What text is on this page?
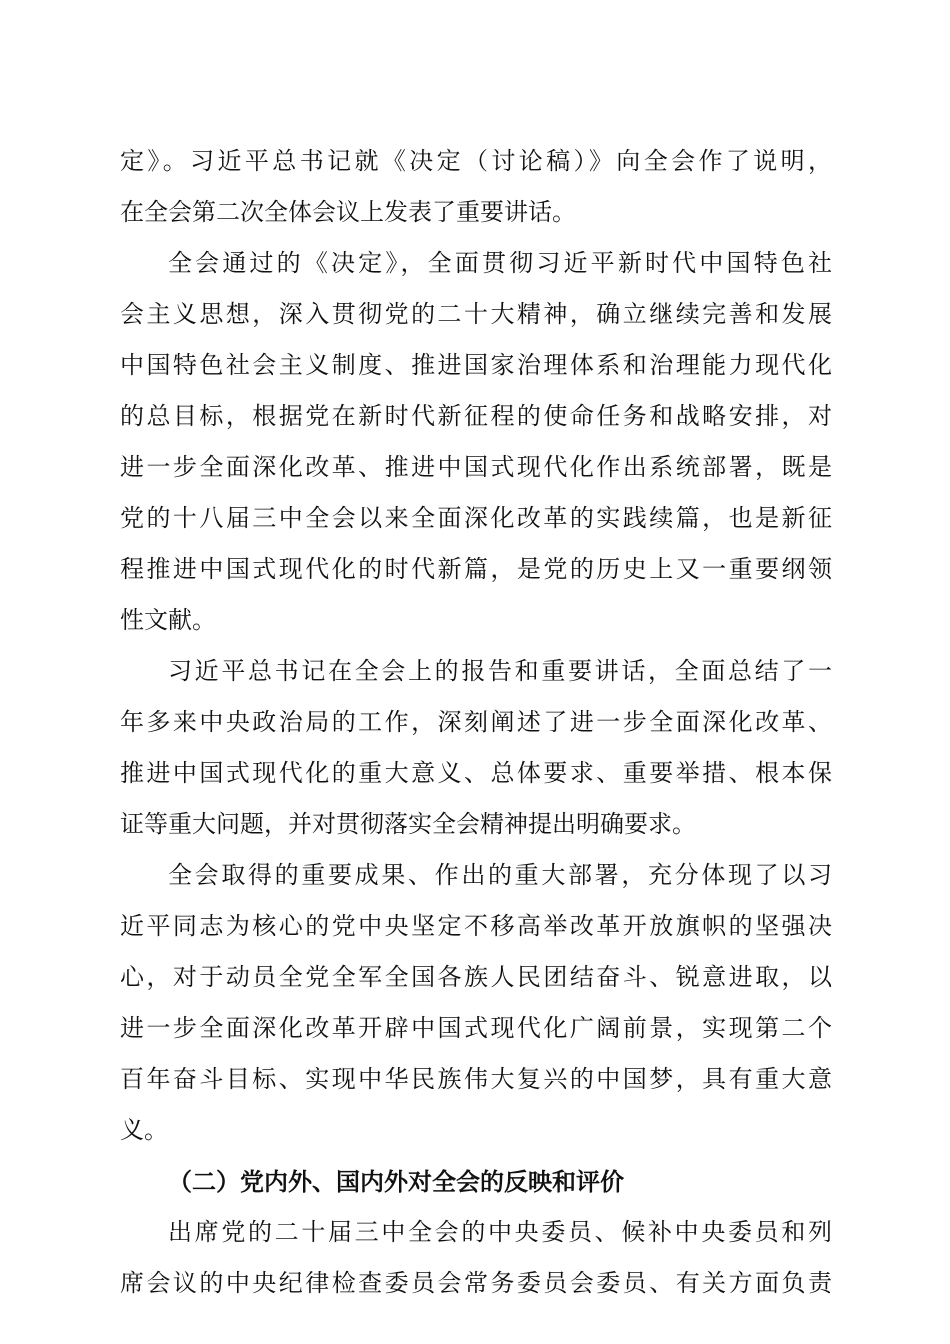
定》。习近平总书记就《决定（讨论稿）》向全会作了说明，
在全会第二次全体会议上发表了重要讲话。
全会通过的《决定》，全面贯彻习近平新时代中国特色社
会主义思想，深入贯彻党的二十大精神，确立继续完善和发展
中国特色社会主义制度、推进国家治理体系和治理能力现代化
的总目标，根据党在新时代新征程的使命任务和战略安排，对
进一步全面深化改革、推进中国式现代化作出系统部署，既是
党的十八届三中全会以来全面深化改革的实践续篇，也是新征
程推进中国式现代化的时代新篇，是党的历史上又一重要纲领
性文献。
习近平总书记在全会上的报告和重要讲话，全面总结了一
年多来中央政治局的工作，深刻阐述了进一步全面深化改革、
推进中国式现代化的重大意义、总体要求、重要举措、根本保
证等重大问题，并对贯彻落实全会精神提出明确要求。
全会取得的重要成果、作出的重大部署，充分体现了以习
近平同志为核心的党中央坚定不移高举改革开放旗帜的坚强决
心，对于动员全党全军全国各族人民团结奋斗、锐意进取，以
进一步全面深化改革开辟中国式现代化广阔前景，实现第二个
百年奋斗目标、实现中华民族伟大复兴的中国梦，具有重大意
义。
（二）党内外、国内外对全会的反映和评价
出席党的二十届三中全会的中央委员、候补中央委员和列
席会议的中央纪律检查委员会常务委员会委员、有关方面负责
